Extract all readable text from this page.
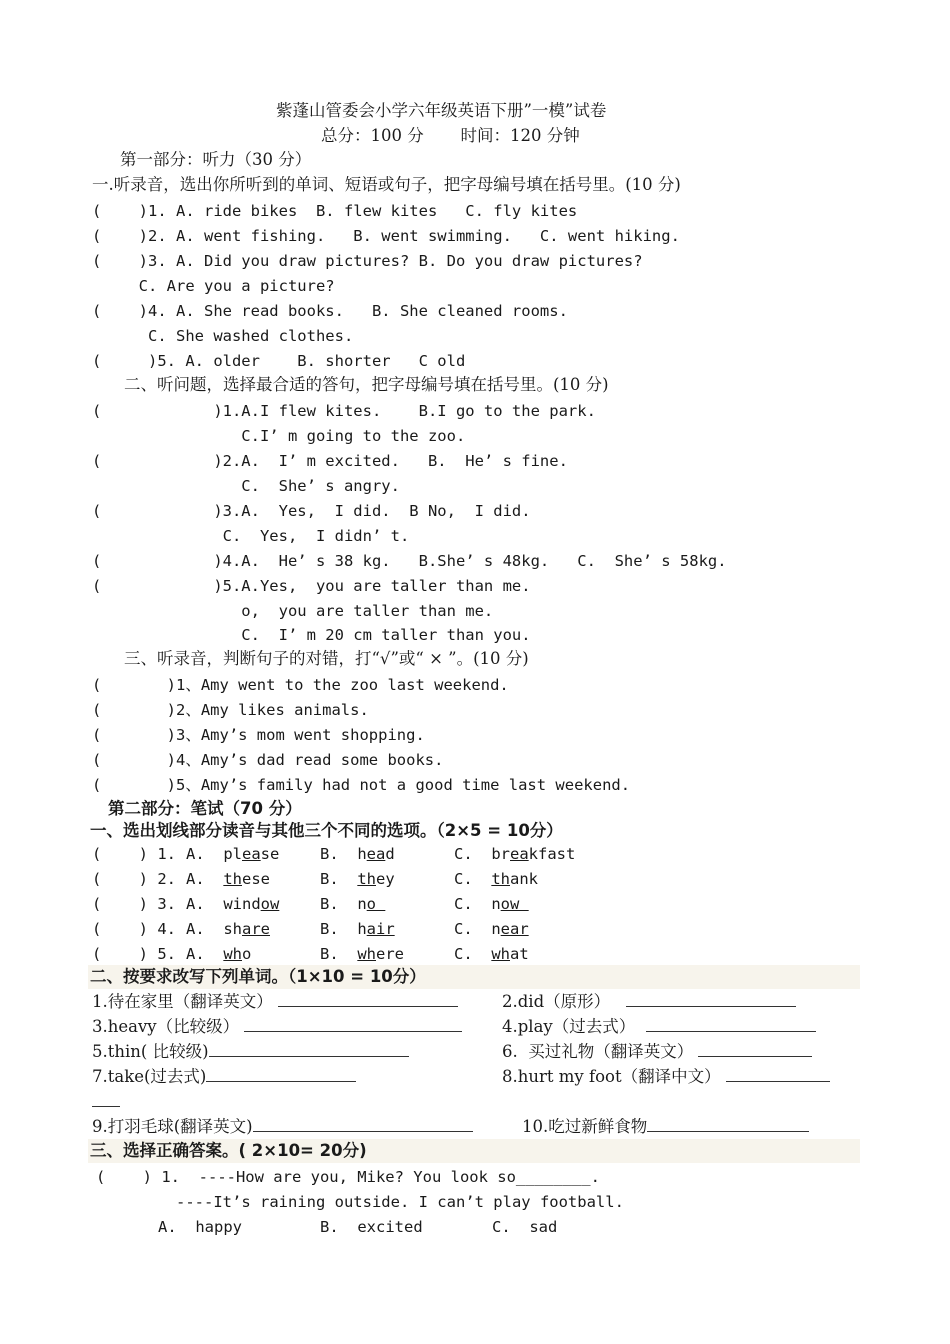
紫蓬山管委会小学六年级英语下册”一模”试卷
总分：100 分       时间：120 分钟
第一部分：听力（30 分）
一.听录音，选出你所听到的单词、短语或句子，把字母编号填在括号里。(10 分)
(    )1. A. ride bikes  B. flew kites   C. fly kites
(    )2. A. went fishing.   B. went swimming.   C. went hiking.
(    )3. A. Did you draw pictures? B. Do you draw pictures?
C. Are you a picture?
(    )4. A. She read books.   B. She cleaned rooms.
C. She washed clothes.
(     )5. A. older    B. shorter   C old
二、听问题，选择最合适的答句，把字母编号填在括号里。(10 分)
(            )1.A.I flew kites.    B.I go to the park.
C.I’ m going to the zoo.
(            )2.A.  I’ m excited.   B.  He’ s fine.
C.  She’ s angry.
(            )3.A.  Yes,  I did.  B No,  I did.
C.  Yes,  I didn’ t.
(            )4.A.  He’ s 38 kg.   B.She’ s 48kg.   C.  She’ s 58kg.
(            )5.A.Yes,  you are taller than me.
o,  you are taller than me.
C.  I’ m 20 cm taller than you.
三、听录音，判断句子的对错，打“√”或“ × ”。(10 分)
(       )1、Amy went to the zoo last weekend.
(       )2、Amy likes animals.
(       )3、Amy’s mom went shopping.
(       )4、Amy’s dad read some books.
(       )5、Amy’s family had not a good time last weekend.
第二部分：笔试（70 分）
一、选出划线部分读音与其他三个不同的选项。（2×5 = 10分）
(    ) 1. A.  please	B.  head	C.  breakfast
(    ) 2. A.  these	B.  they	C.  thank
(    ) 3. A.  window	B.  no	C.  now
(    ) 4. A.  share	B.  hair	C.  near
(    ) 5. A.  who	B.  where	C.  what
二、按要求改写下列单词。（1×10 = 10分）
1.待在家里（翻译英文）	2.did（原形）
3.heavy（比较级）	4.play（过去式）
5.thin( 比较级)	6.  买过礼物（翻译英文）
7.take(过去式)	8.hurt my foot（翻译中文）
9.打羽毛球(翻译英文)	10.吃过新鲜食物
三、选择正确答案。( 2×10= 20分)
(    ) 1.  ----How are you, Mike? You look so________.
----It’s raining outside. I can’t play football.
A.  happy	B.  excited	C.  sad
